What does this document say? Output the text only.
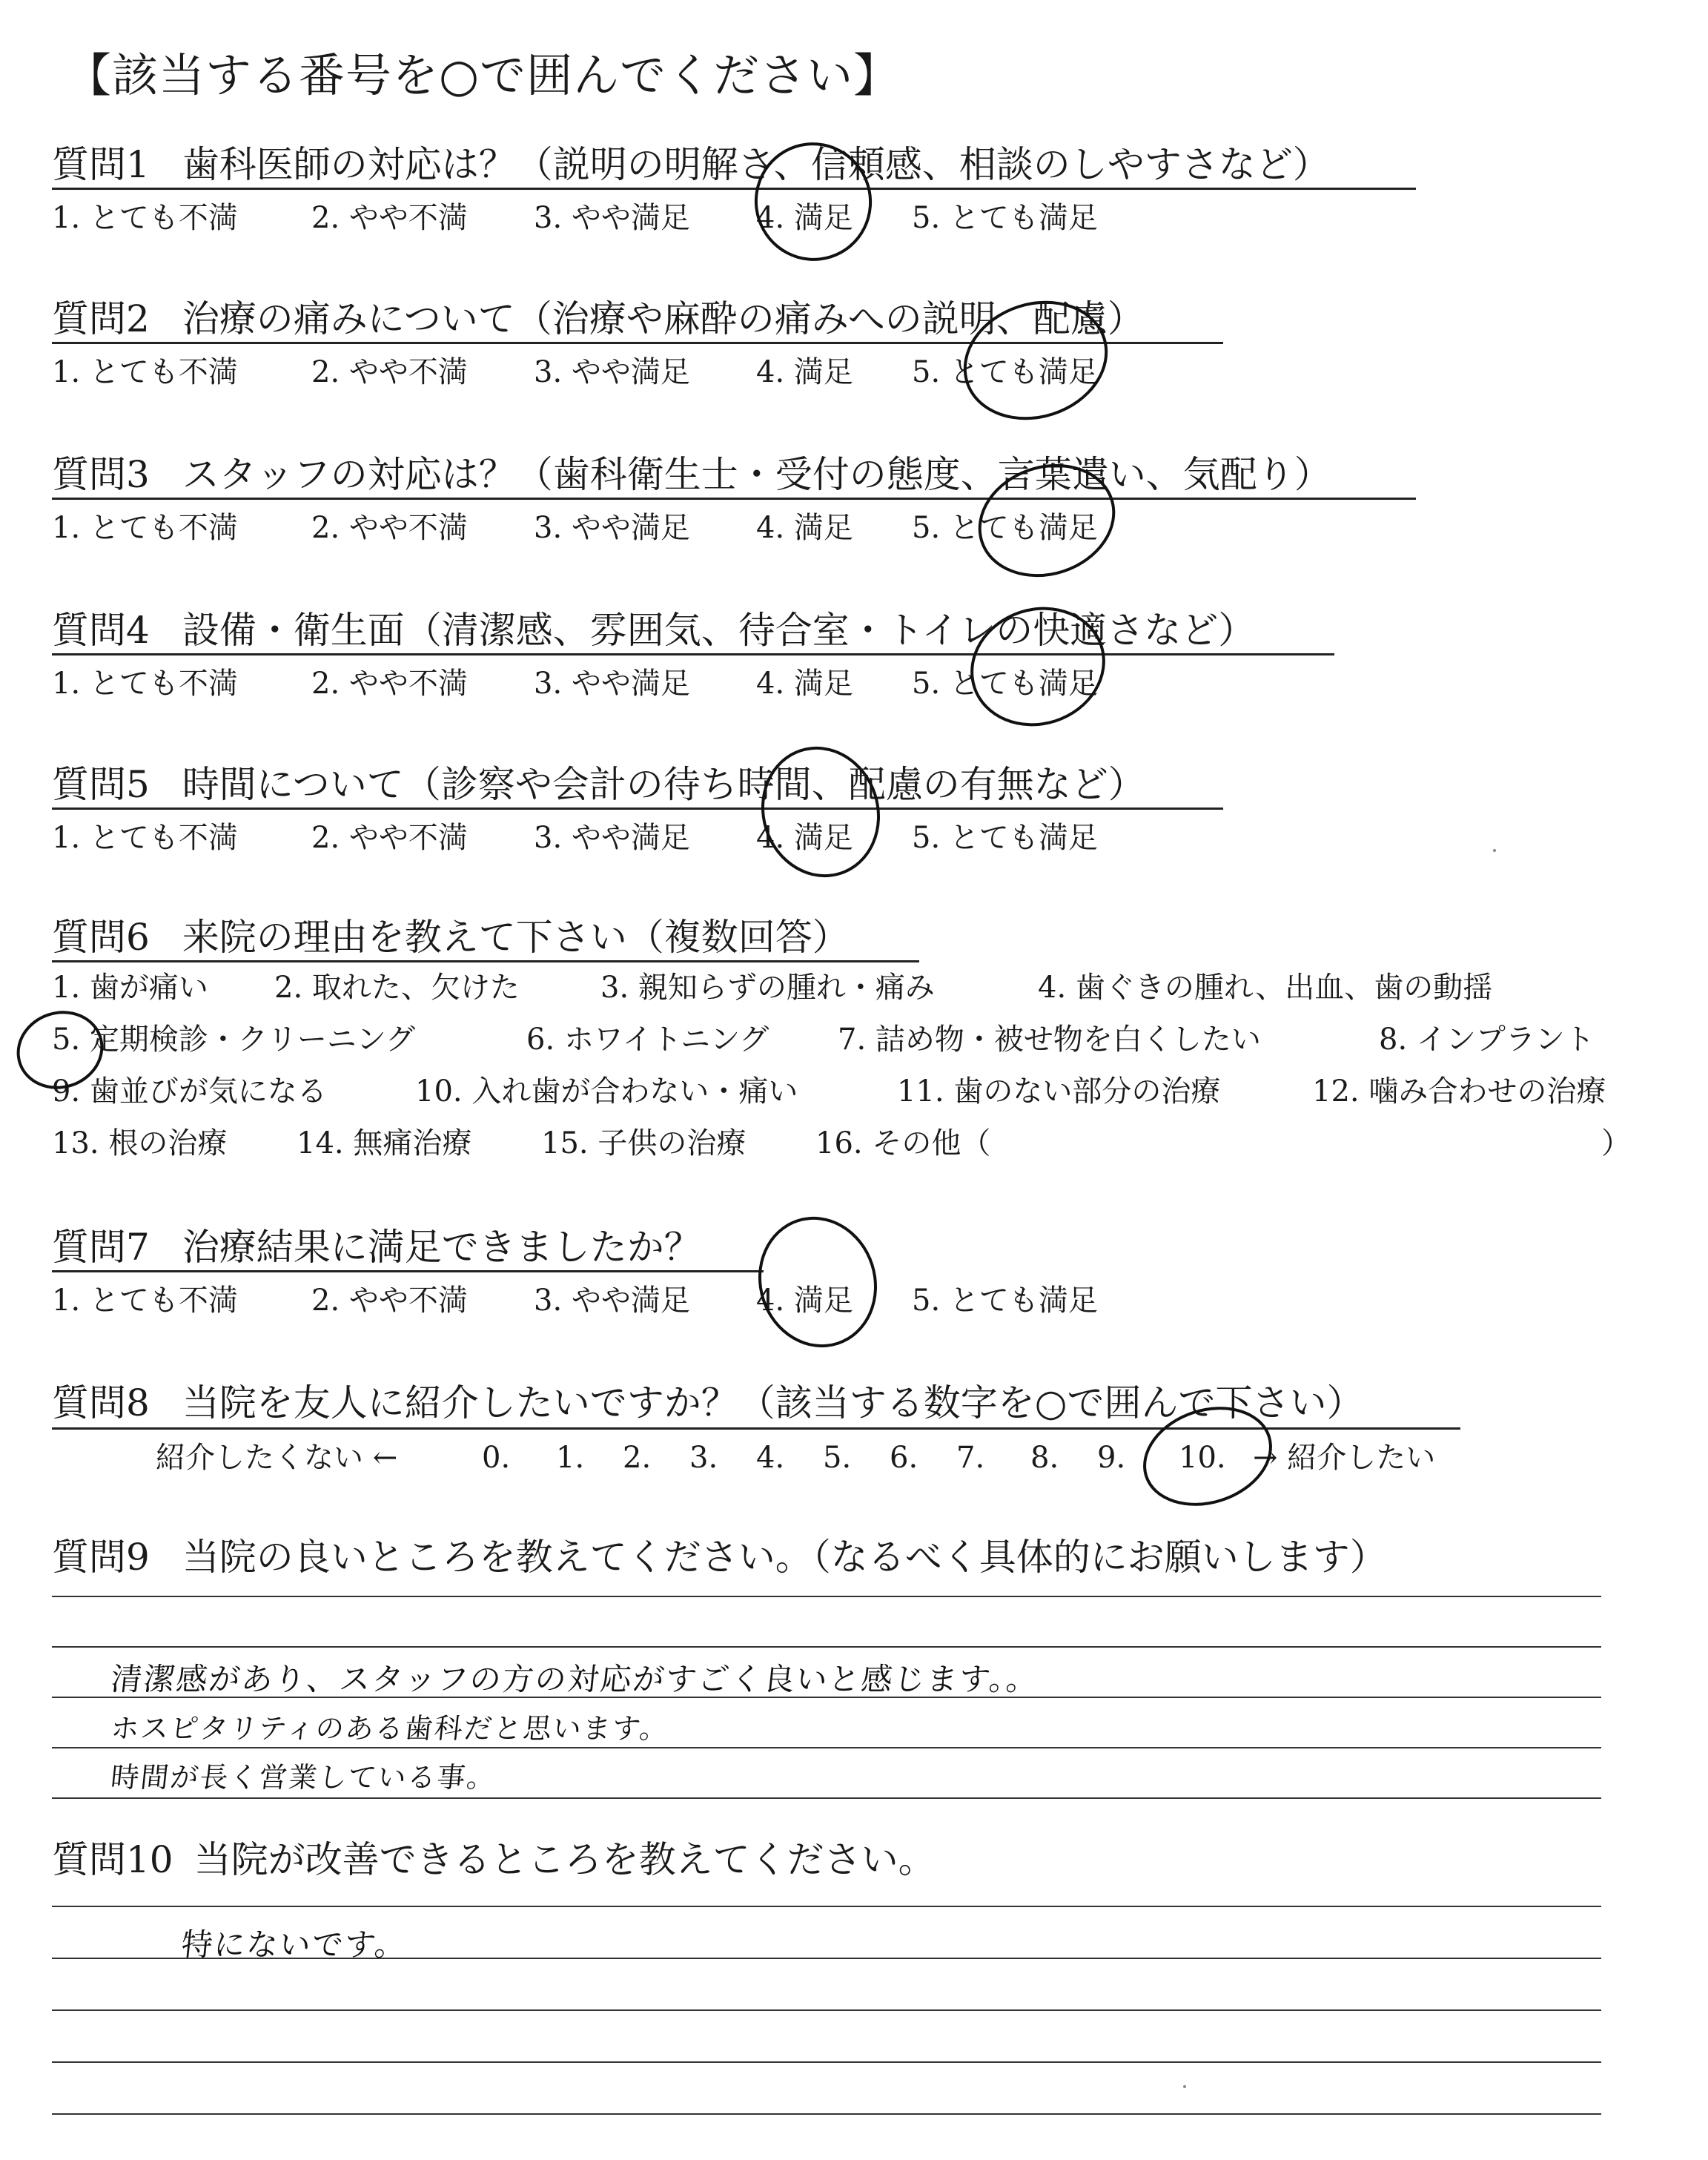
【該当する番号を○で囲んでください】
質問1 歯科医師の対応は？（説明の明解さ、信頼感、相談のしやすさなど）
1. とても不満 2. やや不満 3. やや満足 4. 満足 5. とても満足
質問2 治療の痛みについて（治療や麻酔の痛みへの説明、配慮）
1. とても不満 2. やや不満 3. やや満足 4. 満足 5. とても満足
質問3 スタッフの対応は？（歯科衛生士・受付の態度、言葉遣い、気配り）
1. とても不満 2. やや不満 3. やや満足 4. 満足 5. とても満足
質問4 設備・衛生面（清潔感、雰囲気、待合室・トイレの快適さなど）
1. とても不満 2. やや不満 3. やや満足 4. 満足 5. とても満足
質問5 時間について（診察や会計の待ち時間、配慮の有無など）
1. とても不満 2. やや不満 3. やや満足 4. 満足 5. とても満足
質問6 来院の理由を教えて下さい（複数回答）
1. 歯が痛い 2. 取れた、欠けた	3. 親知らずの腫れ・痛み	4. 歯ぐきの腫れ、出血、歯の動揺
5. 定期検診・クリーニング	6. ホワイトニング 7. 詰め物・被せ物を白くしたい	8. インプラント
9. 歯並びが気になる	10. 入れ歯が合わない・痛い	11. 歯のない部分の治療	12. 噛み合わせの治療
13. 根の治療 14. 無痛治療 15. 子供の治療 16. その他（	）
質問7 治療結果に満足できましたか？
1. とても不満 2. やや不満 3. やや満足 4. 満足 5. とても満足
質問8 当院を友人に紹介したいですか？（該当する数字を○で囲んで下さい）
紹介したくない ←	0. 1. 2. 3. 4. 5. 6. 7. 8. 9. 10. → 紹介したい
質問9 当院の良いところを教えてください。（なるべく具体的にお願いします）
清潔感があり、スタッフの方の対応がすごく良いと感じます。。
ホスピタリティのある歯科だと思います。
時間が長く営業している事。
質問10 当院が改善できるところを教えてください。
特にないです。
